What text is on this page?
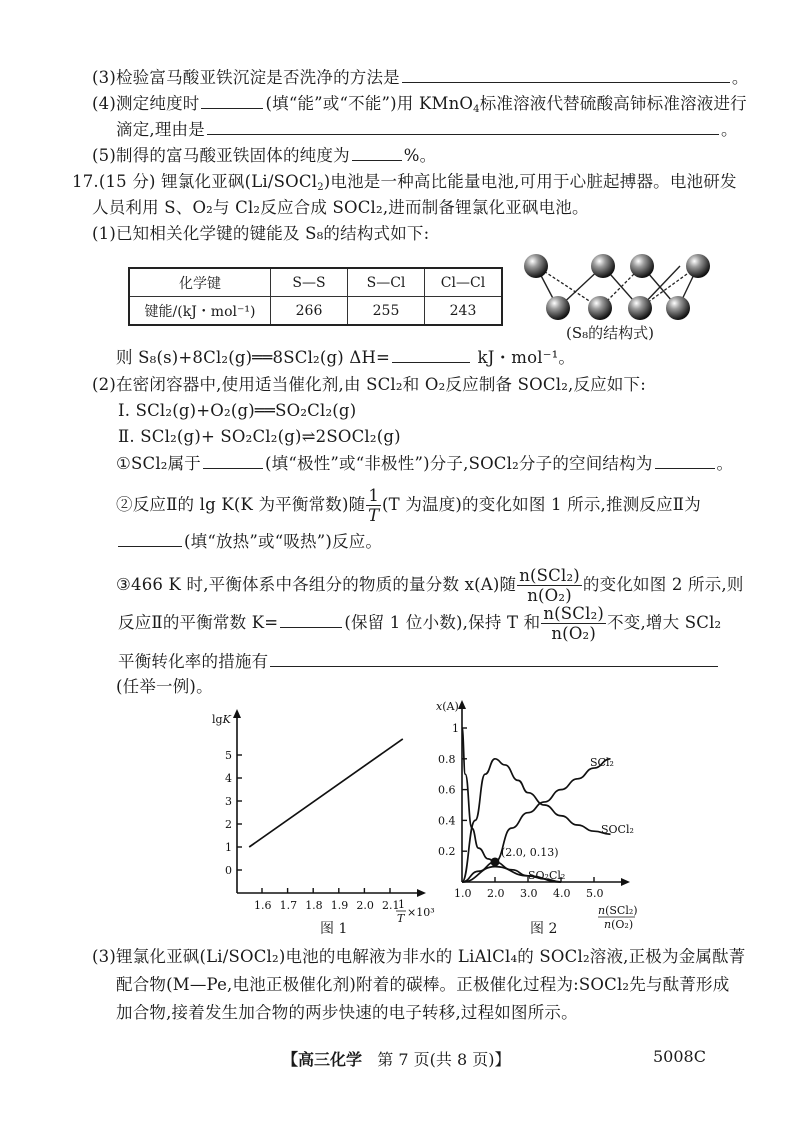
(3)检验富马酸亚铁沉淀是否洗净的方法是	。
(4)测定纯度时	(填“能”或“不能”)用 KMnO$_4$标准溶液代替硫酸高铈标准溶液进行
滴定,理由是	。
(5)制得的富马酸亚铁固体的纯度为	%。
17.(15 分) 锂氯化亚砜(Li/SOCl$_2$)电池是一种高比能量电池,可用于心脏起搏器。电池研发
人员利用 S、O₂与 Cl₂反应合成 SOCl₂,进而制备锂氯化亚砜电池。
(1)已知相关化学键的键能及 S₈的结构式如下:
化学键	S—S	S—Cl	Cl—Cl
键能/(kJ・mol⁻¹)	266	255	243
(S₈的结构式)
则 S₈(s)+8Cl₂(g)══8SCl₂(g) ΔH=	kJ・mol⁻¹。
(2)在密闭容器中,使用适当催化剂,由 SCl₂和 O₂反应制备 SOCl₂,反应如下:
Ⅰ. SCl₂(g)+O₂(g)══SO₂Cl₂(g)
Ⅱ. SCl₂(g)+ SO₂Cl₂(g)⇌2SOCl₂(g)
①SCl₂属于	(填“极性”或“非极性”)分子,SOCl₂分子的空间结构为	。
②反应Ⅱ的 lg K(K 为平衡常数)随 $\frac{1}{T} (T$ 为温度)的变化如图 1 所示,推测反应Ⅱ为
(填“放热”或“吸热”)反应。
③466 K 时,平衡体系中各组分的物质的量分数 x(A)随 $\frac{\text{n(SCl₂)}}{\text{n(O₂)}}$ 的变化如图 2 所示,则
反应Ⅱ的平衡常数 K=	(保留 1 位小数),保持 T 和 $\frac{\text{n(SCl₂)}}{\text{n(O₂)}}$ 不变,增大 SCl₂
平衡转化率的措施有
(任举一例)。
lgK
0
1
2
3
4
5
1.6 1.7 1.8 1.9 2.0 2.1
1
T ×10³
图 1
x(A)
0.2
0.4
0.6
0.8
1
1.0 2.0 3.0 4.0 5.0
(2.0, 0.13)
n(SCl₂)
n(O₂)
SCl₂
SOCl₂
SO₂Cl₂
图 2
(3)锂氯化亚砜(Li/SOCl₂)电池的电解液为非水的 LiAlCl₄的 SOCl₂溶液,正极为金属酞菁
配合物(M—Pe,电池正极催化剂)附着的碳棒。正极催化过程为:SOCl₂先与酞菁形成
加合物,接着发生加合物的两步快速的电子转移,过程如图所示。
【高三化学 第 7 页(共 8 页)】	5008C
